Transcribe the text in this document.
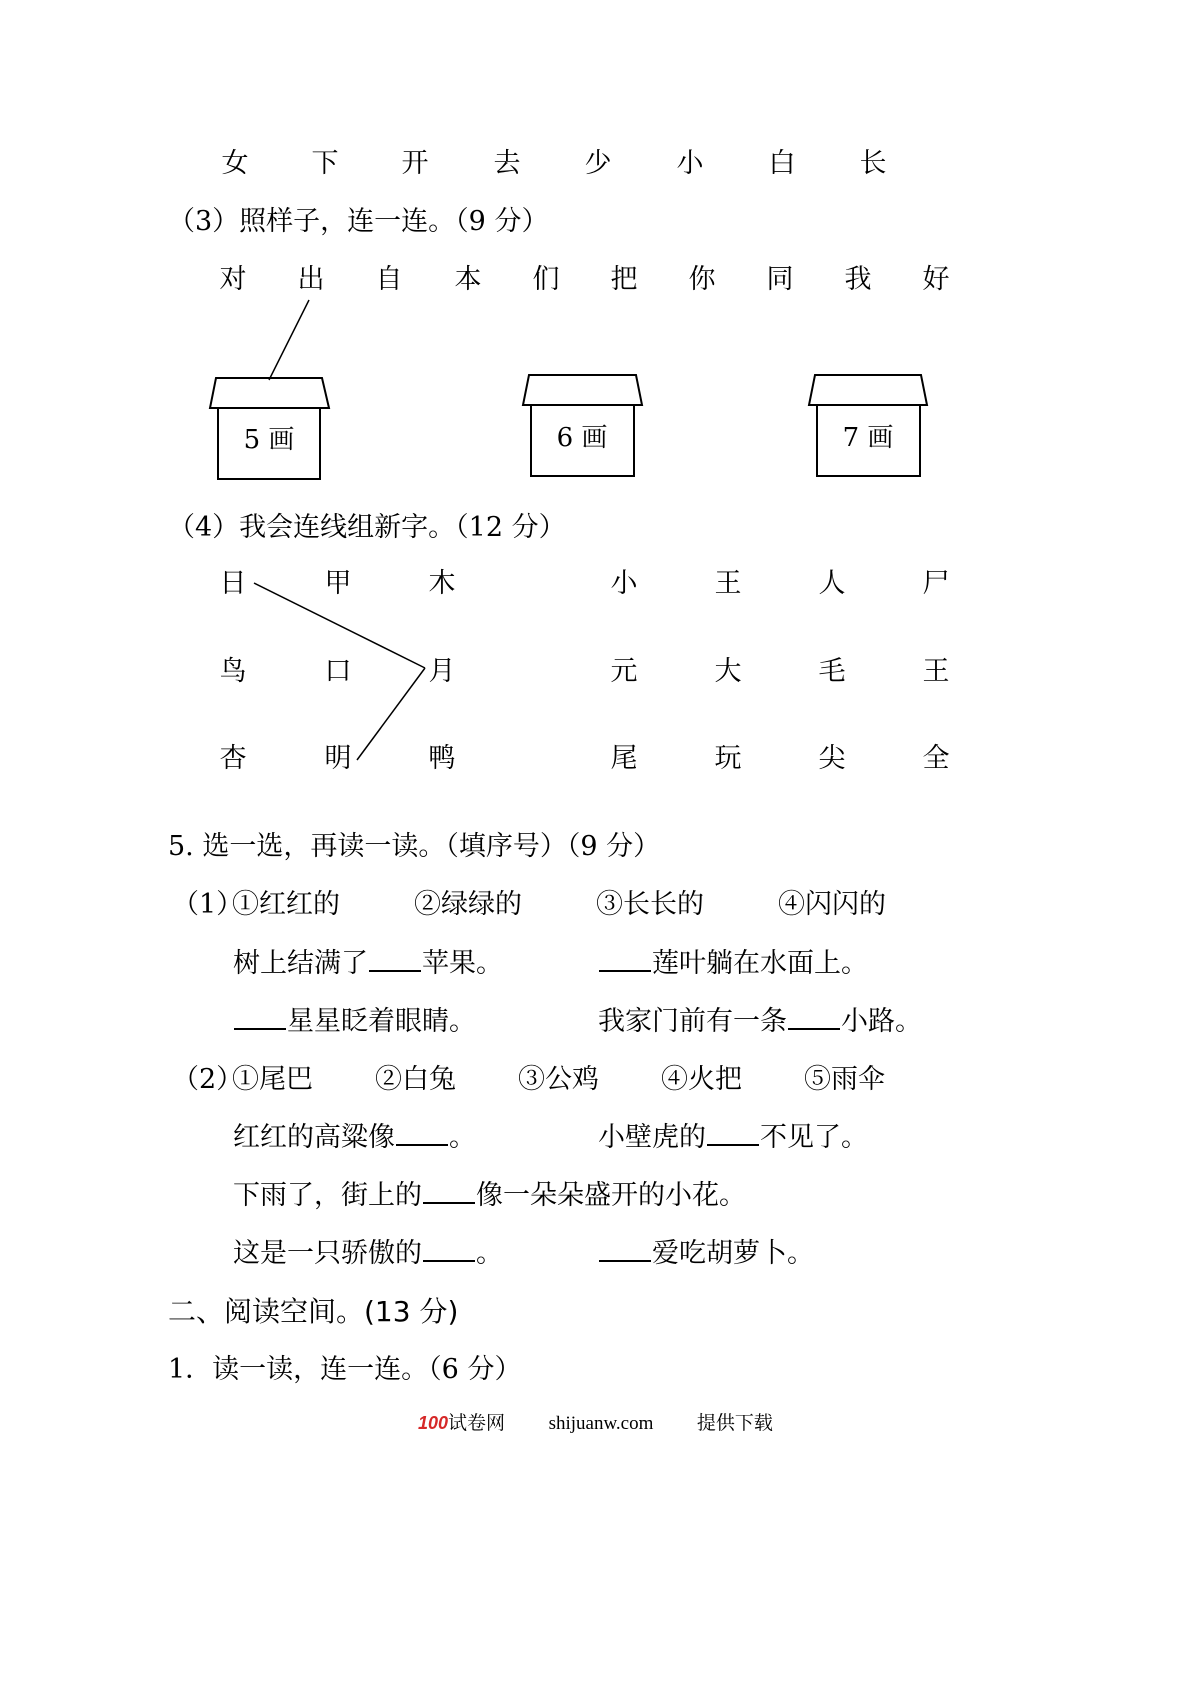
女 下 开 去 少 小 白 长
（3）照样子，连一连。（9 分）
对 出 自 本 们 把 你 同 我 好
5 画	6 画	7 画
（4）我会连线组新字。（12 分）
日	甲	木
鸟	口	月
杏	明	鸭
小	王	人	尸
元	大	毛	王
尾	玩	尖	全
5. 选一选，再读一读。（填序号）（9 分）
（1）
①红红的	②绿绿的	③长长的	④闪闪的
树上结满了 苹果。	莲叶躺在水面上。
星星眨着眼睛。	我家门前有一条 小路。
（2）
①尾巴 ②白兔 ③公鸡 ④火把 ⑤雨伞
红红的高粱像 。	小壁虎的 不见了。
下雨了，街上的 像一朵朵盛开的小花。
这是一只骄傲的 。	爱吃胡萝卜。
二、阅读空间。(13 分)
1．读一读，连一连。（6 分）
100试卷网 shijuanw.com 提供下载
